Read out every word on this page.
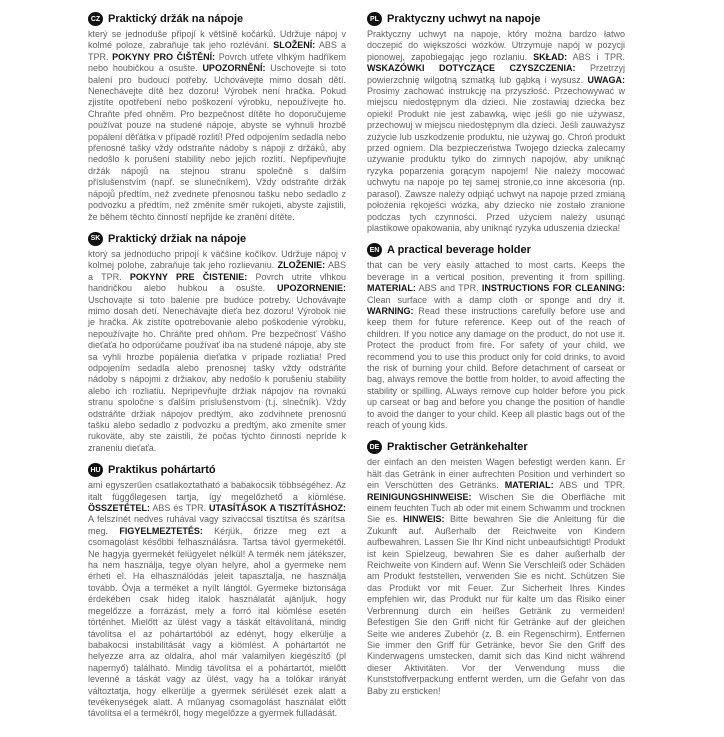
CZ Praktický držák na nápoje

který se jednoduše připojí k většině kočárků. Udržuje nápoj v kolmé poloze, zabraňuje tak jeho rozlévání. SLOŽENÍ: ABS a TPR. POKYNY PRO ČIŠTĚNÍ: Povrch utřete vlhkým hadříkem nebo houbičkou a osušte. UPOZORNĚNÍ: Uschovejte si toto balení pro budoucí potřeby. Uchovávejte mimo dosah dětí. Nenechávejte dítě bez dozoru! Výrobek není hračka. Pokud zjistíte opotřebení nebo poškození výrobku, nepoužívejte ho. Chraňte před ohněm. Pro bezpečnost dítěte ho doporučujeme používat pouze na studené nápoje, abyste se vyhnuli hrozbě popálení děťátka v případě rozlití! Před odpojením sedadla nebo přenosné tašky vždy odstraňte nádoby s nápoji z držáků, aby nedošlo k porušení stability nebo jejich rozlití. Nepřipevňujte držák nápojů na stejnou stranu společně s dalším příslušenstvím (např. se slunečníkem). Vždy odstraňte držák nápojů předtím, než zvednete přenosnou tašku nebo sedadlo z podvozku a předtím, než změníte směr rukojeti, abyste zajistili, že během těchto činností nepřijde ke zranění dítěte.

SK Praktický držiak na nápoje

ktorý sa jednoducho pripojí k väčšine kočíkov. Udržuje nápoj v kolmej polohe, zabraňuje tak jeho rozlievaniu. ZLOŽENIE: ABS a TPR. POKYNY PRE ČISTENIE: Povrch utrite vlhkou handričkou alebo hubkou a osušte. UPOZORNENIE: Uschovajte si toto balenie pre budúce potreby. Uchovávajte mimo dosah detí. Nenechávajte dieťa bez dozoru! Výrobok nie je hračka. Ak zistíte opotrebovanie alebo poškodenie výrobku, nepoužívajte ho. Chráňte pred ohňom. Pre bezpečnosť Vášho dieťaťa ho odporúčame používať iba na studené nápoje, aby ste sa vyhli hrozbe popálenia dieťatka v prípade rozliatia! Pred odpojením sedadla alebo prenosnej tašky vždy odstráňte nádoby s nápojmi z držiakov, aby nedošlo k porušeniu stability alebo ich rozliatiu. Nepripevňujte držiak nápojov na rovnakú stranu spoločne s ďalším príslušenstvom (t.j. slnečník). Vždy odstráňte držiak nápojov predtým, ako zodvihnete prenosnú tašku alebo sedadlo z podvozku a predtým, ako zmeníte smer rukoväte, aby ste zaistili, že počas týchto činností nepríde k zraneniu dieťaťa.

HU Praktikus pohártartó

ami egyszerűen csatlakoztatható a babakocsik többségéhez. Az italt függőlegesen tartja, így megelőzhető a kiömlése. ÖSSZETÉTEL: ABS és TPR. UTASÍTÁSOK A TISZTÍTÁSHOZ: A felszínét nedves ruhával vagy szivaccsal tisztítsa és szárítsa meg. FIGYELMEZTETÉS: Kérjük, őrizze meg ezt a csomagolást későbbi felhasználásra. Tartsa távol gyermekétől. Ne hagyja gyermekét felügyelet nélkül! A termék nem játékszer, ha nem használja, tegye olyan helyre, ahol a gyermeke nem érheti el. Ha elhasználódás jeleit tapasztalja, ne használja tovább. Óvja a terméket a nyílt lángtól. Gyermeke biztonsága érdekében csak hideg italok használatát ajánljuk, hogy megelőzze a forrázást, mely a forró ital kiömlése esetén történhet. Mielőtt az ülést vagy a táskát eltávolítaná, mindig távolítsa el az pohártartóból az edényt, hogy elkerülje a babakocsi instabilitását vagy a kiömlést. A pohártartót ne helyezze arra az oldalra, ahol már valamilyen kiegészítő (pl napernyő) található. Mindig távolítsa el a pohártartót, mielőtt levenné a táskát vagy az ülést, vagy ha a tolókar irányát változtatja, hogy elkerülje a gyermek sérülését ezek alatt a tevékenységek alatt. A műanyag csomagolást használat előtt távolítsa el a termékről, hogy megelőzze a gyermek fulladását.

PL Praktyczny uchwyt na napoje

Praktyczny uchwyt na napoje, który można bardzo łatwo doczepić do większości wózków. Utrzymuje napój w pozycji pionowej, zapobiegając jego rozlaniu. SKŁAD: ABS i TPR. WSKAZÓWKI DOTYCZĄCE CZYSZCZENIA: Przetrzyj powierzchnię wilgotną szmatką lub gąbką i wysusz. UWAGA: Prosimy zachować instrukcję na przyszłość. Przechowywać w miejscu niedostępnym dla dzieci. Nie zostawiaj dziecka bez opieki! Produkt nie jest zabawką, więc jeśli go nie używasz, przechowuj w miejscu niedostępnym dla dzieci. Jeśli zauważysz zużycie lub uszkodzenie produktu, nie używaj go. Chroń produkt przed ogniem. Dla bezpieczeństwa Twojego dziecka zalecamy używanie produktu tylko do zimnych napojów, aby uniknąć ryzyka poparzenia gorącym napojem! Nie należy mocować uchwytu na napoje po tej samej stronie,co inne akcesoria (np. parasol). Zawsze należy odpiąć uchwyt na napoje przed zmianą położenia rękojeści wózka, aby dziecko nie zostało zranione podczas tych czynności. Przed użyciem należy usunąć plastikowe opakowania, aby uniknąć ryzyka uduszenia dziecka!

EN A practical beverage holder

that can be very easily attached to most carts. Keeps the beverage in a vertical position, preventing it from spilling. MATERIAL: ABS and TPR. INSTRUCTIONS FOR CLEANING: Clean surface with a damp cloth or sponge and dry it. WARNING: Read these instructions carefully before use and keep them for future reference. Keep out of the reach of children. If you notice any damage on the product, do not use it. Protect the product from fire. For safety of your child, we recommend you to use this product only for cold drinks, to avoid the risk of burning your child. Before detachment of carseat or bag, always remove the bottle from holder, to avoid affecting the stability or spilling. ALways remove cup holder before you pick up carseat or bag and before you change the position of handle to avoid the danger to your child. Keep all plastic bags out of the reach of young kids.

DE Praktischer Getränkehalter

der einfach an den meisten Wagen befestigt werden kann. Er hält das Getränk in einer aufrechten Position und verhindert so ein Verschütten des Getränks. MATERIAL: ABS und TPR. REINIGUNGSHINWEISE: Wischen Sie die Oberfläche mit einem feuchten Tuch ab oder mit einem Schwamm und trocknen Sie es. HINWEIS: Bitte bewahren Sie die Anleitung für die Zukunft auf. Außerhalb der Reichweite von Kindern aufbewahren. Lassen Sie Ihr Kind nicht unbeaufsichtigt! Produkt ist kein Spielzeug, bewahren Sie es daher außerhalb der Reichweite von Kindern auf. Wenn Sie Verschleiß oder Schäden am Produkt feststellen, verwenden Sie es nicht. Schützen Sie das Produkt vor mit Feuer. Zur Sicherheit Ihres Kindes empfehlen wir, das Produkt nur für kalte um das Risiko einer Verbrennung durch ein heißes Getränk zu vermeiden! Befestigen Sie den Griff nicht für Getränke auf der gleichen Seite wie anderes Zubehör (z. B. ein Regenschirm). Entfernen Sie immer den Griff für Getränke, bevor Sie den Griff des Kinderwagens umstecken, damit sich das Kind nicht während dieser Aktivitäten. Vor der Verwendung muss die Kunststoffverpackung entfernt werden, um die Gefahr von das Baby zu ersticken!
